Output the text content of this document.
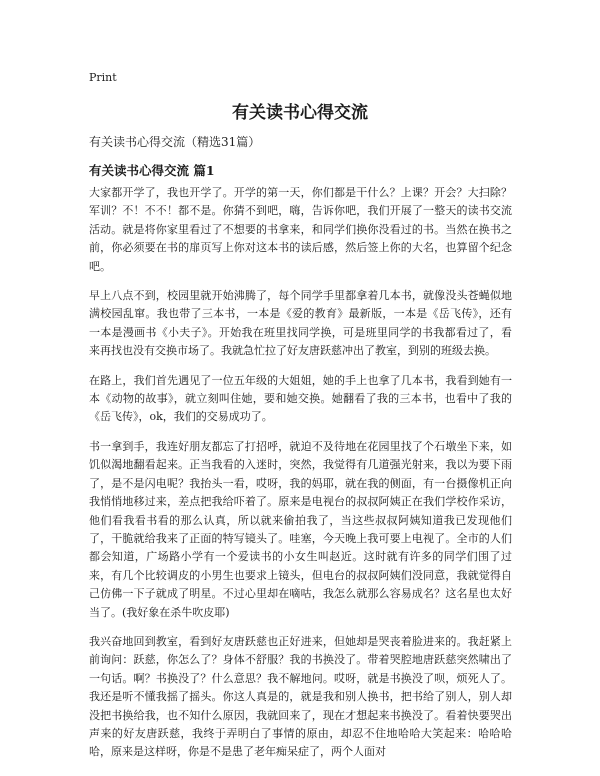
Print
有关读书心得交流
有关读书心得交流（精选31篇）
有关读书心得交流 篇1

大家都开学了，我也开学了。开学的第一天，你们都是干什么？上课？开会？大扫除？军训？不！不不！都不是。你猜不到吧，嗨，告诉你吧，我们开展了一整天的读书交流活动。就是将你家里看过了不想要的书拿来，和同学们换你没看过的书。当然在换书之前，你必须要在书的扉页写上你对这本书的读后感，然后签上你的大名，也算留个纪念吧。

早上八点不到，校园里就开始沸腾了，每个同学手里都拿着几本书，就像没头苍蝇似地满校园乱窜。我也带了三本书，一本是《爱的教育》最新版，一本是《岳飞传》，还有一本是漫画书《小夫子》。开始我在班里找同学换，可是班里同学的书我都看过了，看来再找也没有交换市场了。我就急忙拉了好友唐跃慈冲出了教室，到别的班级去换。

在路上，我们首先遇见了一位五年级的大姐姐，她的手上也拿了几本书，我看到她有一本《动物的故事》，就立刻叫住她，要和她交换。她翻看了我的三本书，也看中了我的《岳飞传》，ok，我们的交易成功了。

书一拿到手，我连好朋友都忘了打招呼，就迫不及待地在花园里找了个石墩坐下来，如饥似渴地翻看起来。正当我看的入迷时，突然，我觉得有几道强光射来，我以为要下雨了，是不是闪电呢？我抬头一看，哎呀，我的妈耶，就在我的侧面，有一台摄像机正向我悄悄地移过来，差点把我给吓着了。原来是电视台的叔叔阿姨正在我们学校作采访，他们看我看书看的那么认真，所以就来偷拍我了，当这些叔叔阿姨知道我已发现他们了，干脆就给我来了正面的特写镜头了。哇塞，今天晚上我可要上电视了。全市的人们都会知道，广场路小学有一个爱读书的小女生叫赵近。这时就有许多的同学们围了过来，有几个比较调皮的小男生也要求上镜头，但电台的叔叔阿姨们没同意，我就觉得自己仿佛一下子就成了明星。不过心里却在嘀咕，我怎么就那么容易成名？这名星也太好当了。(我好象在杀牛吹皮耶)

我兴奋地回到教室，看到好友唐跃慈也正好进来，但她却是哭丧着脸进来的。我赶紧上前询问：跃慈，你怎么了？身体不舒服？我的书换没了。带着哭腔地唐跃慈突然啸出了一句话。啊？书换没了？什么意思？我不解地问。哎呀，就是书换没了呗，烦死人了。我还是听不懂我摇了摇头。你这人真是的，就是我和别人换书，把书给了别人，别人却没把书换给我，也不知什么原因，我就回来了，现在才想起来书换没了。看着快要哭出声来的好友唐跃慈，我终于弄明白了事情的原由，却忍不住地哈哈大笑起来：哈哈哈哈，原来是这样呀，你是不是患了老年痴呆症了，两个人面对
